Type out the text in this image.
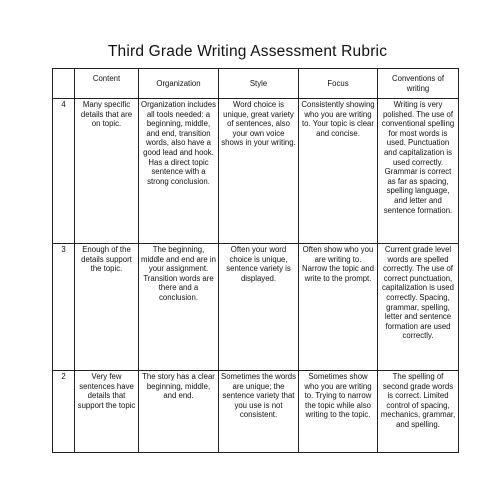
Third Grade Writing Assessment Rubric
	Content	Organization	Style	Focus	Conventions of writing
4	Many specific details that are on topic.	Organization includes all tools needed: a beginning, middle, and end, transition words, also have a good lead and hook. Has a direct topic sentence with a strong conclusion.	Word choice is unique, great variety of sentences, also your own voice shows in your writing.	Consistently showing who you are writing to. Your topic is clear and concise.	Writing is very polished. The use of conventional spelling for most words is used. Punctuation and capitalization is used correctly. Grammar is correct as far as spacing, spelling language, and letter and sentence formation.
3	Enough of the details support the topic.	The beginning, middle and end are in your assignment. Transition words are there and a conclusion.	Often your word choice is unique, sentence variety is displayed.	Often show who you are writing to. Narrow the topic and write to the prompt.	Current grade level words are spelled correctly. The use of correct punctuation, capitalization is used correctly. Spacing, grammar, spelling, letter and sentence formation are used correctly.
2	Very few sentences have details that support the topic	The story has a clear beginning, middle, and end.	Sometimes the words are unique; the sentence variety that you use is not consistent.	Sometimes show who you are writing to. Trying to narrow the topic while also writing to the topic.	The spelling of second grade words is correct. Limited control of spacing, mechanics, grammar, and spelling.
